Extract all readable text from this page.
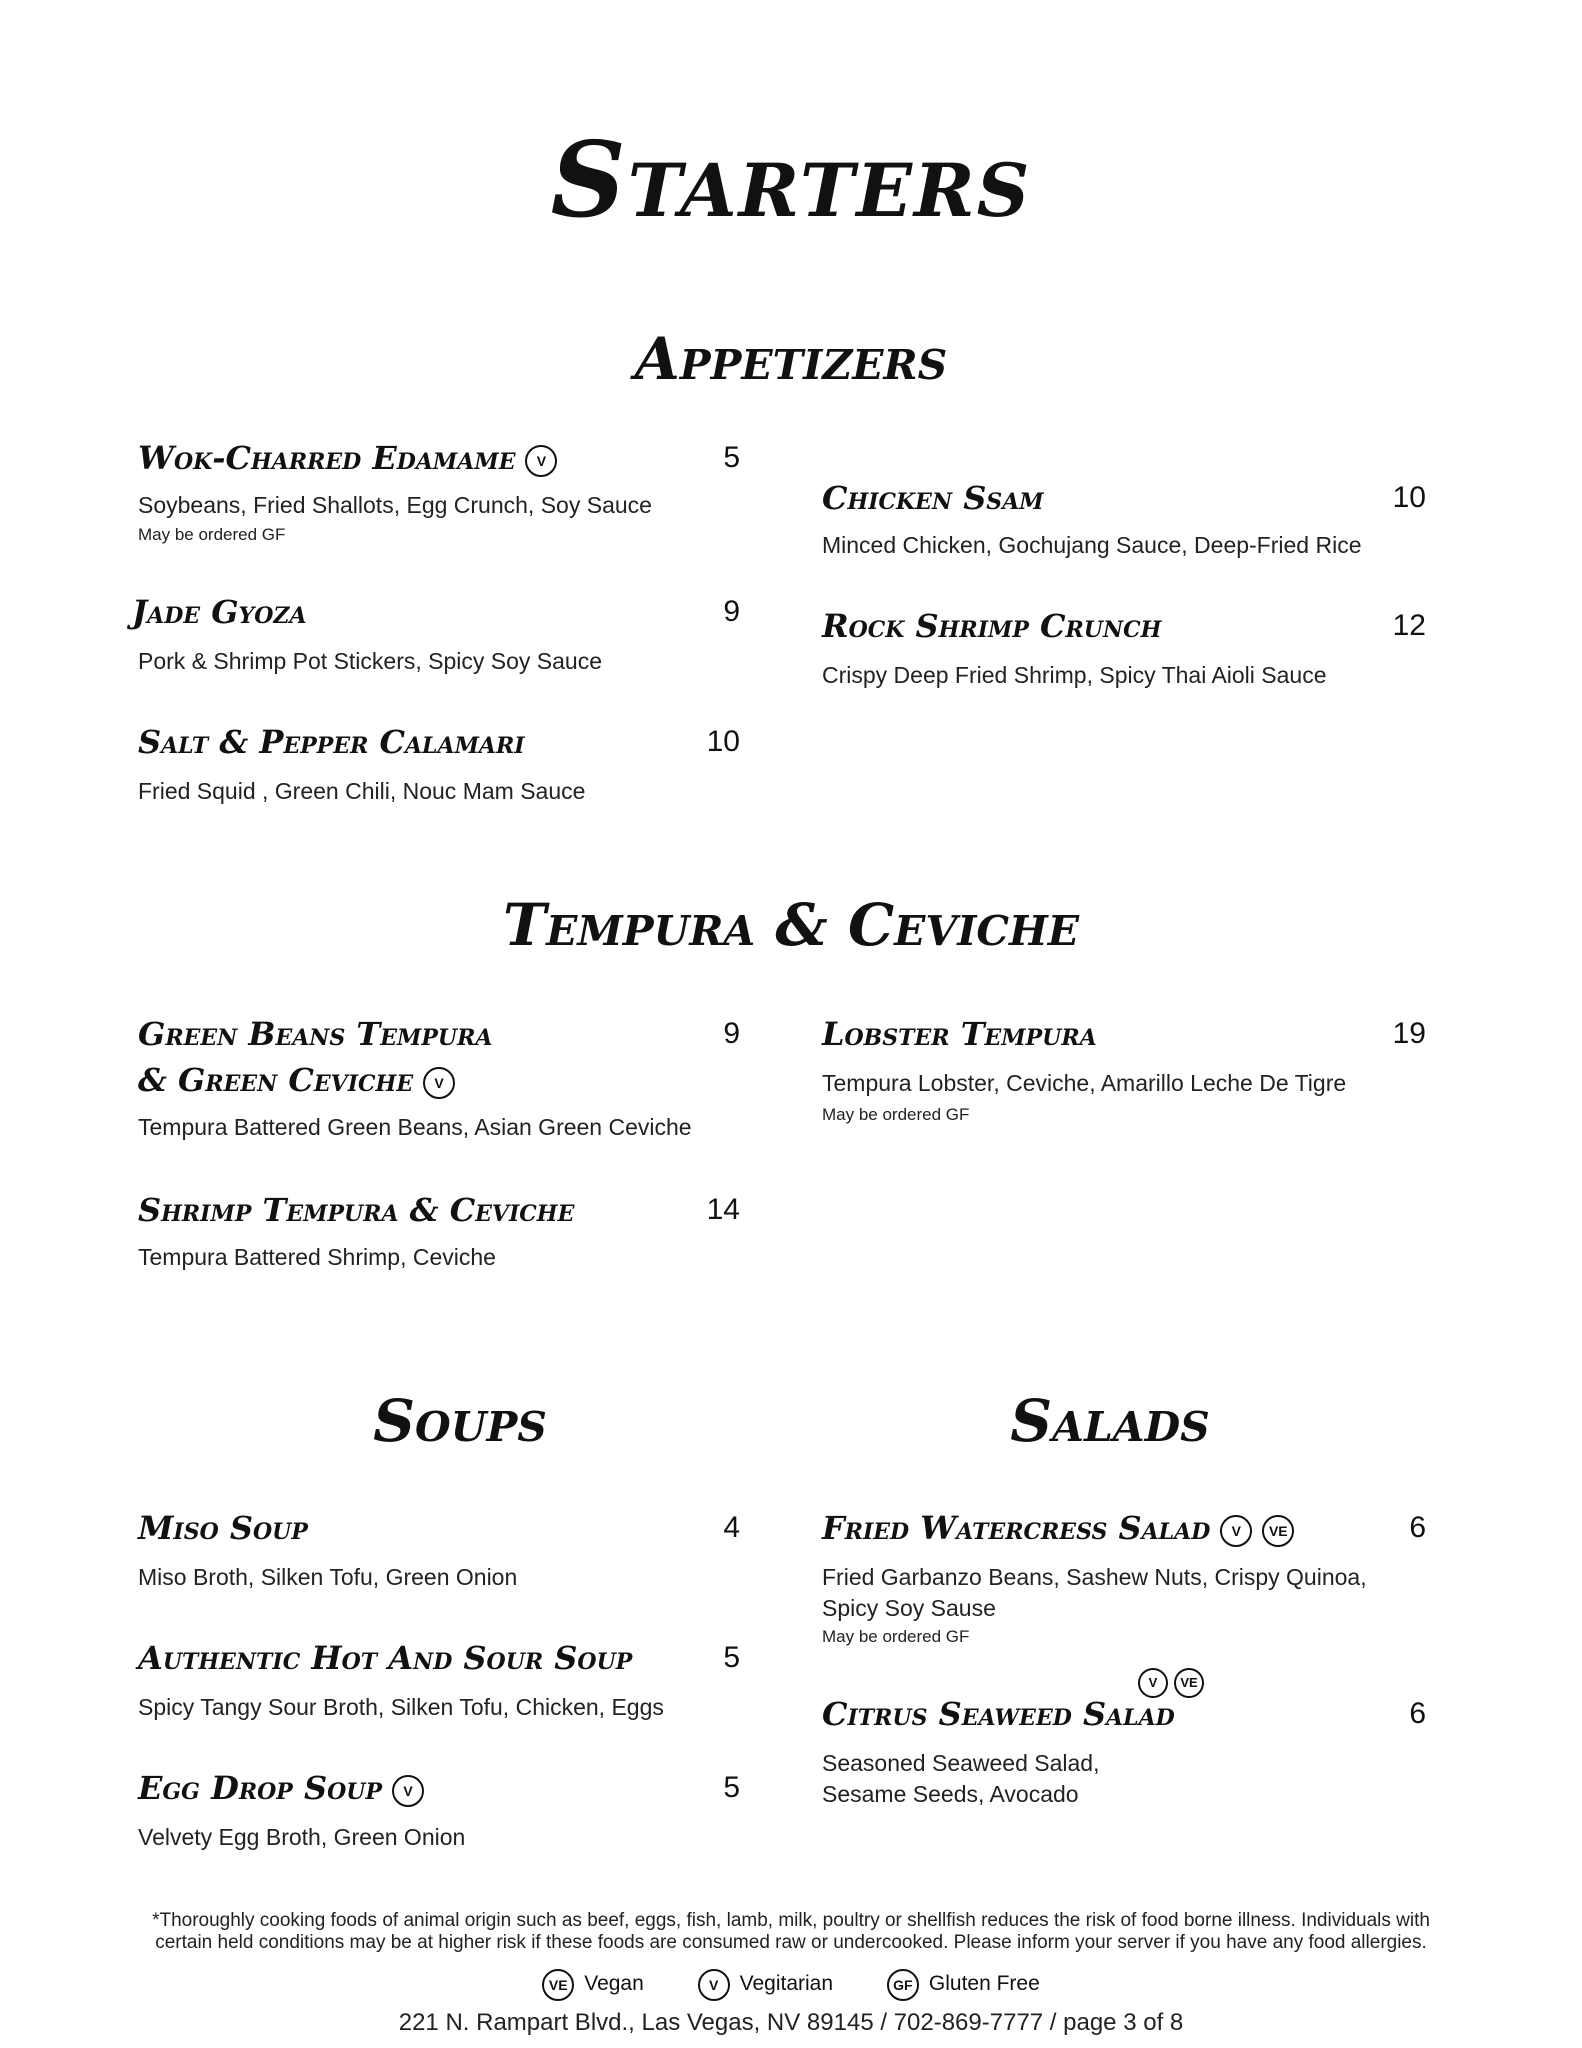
Starters
Appetizers
Wok-Charred Edamame V	5
Soybeans, Fried Shallots, Egg Crunch, Soy Sauce
May be ordered GF
Jade Gyoza	9
Pork & Shrimp Pot Stickers, Spicy Soy Sauce
Salt & Pepper Calamari	10
Fried Squid , Green Chili, Nouc Mam Sauce
Chicken Ssam	10
Minced Chicken, Gochujang Sauce, Deep-Fried Rice
Rock Shrimp Crunch	12
Crispy Deep Fried Shrimp, Spicy Thai Aioli Sauce
Tempura & Ceviche
Green Beans Tempura
& Green Ceviche V
9
Tempura Battered Green Beans, Asian Green Ceviche
Shrimp Tempura & Ceviche	14
Tempura Battered Shrimp, Ceviche
Lobster Tempura	19
Tempura Lobster, Ceviche, Amarillo Leche De Tigre
May be ordered GF
Soups
Miso Soup	4
Miso Broth, Silken Tofu, Green Onion
Authentic Hot And Sour Soup	5
Spicy Tangy Sour Broth, Silken Tofu, Chicken, Eggs
Egg Drop Soup V	5
Velvety Egg Broth, Green Onion
Salads
Fried Watercress Salad V VE	6
Fried Garbanzo Beans, Sashew Nuts, Crispy Quinoa,
Spicy Soy Sause
May be ordered GF
V VE
Citrus Seaweed Salad	6
Seasoned Seaweed Salad,
Sesame Seeds, Avocado
*Thoroughly cooking foods of animal origin such as beef, eggs, fish, lamb, milk, poultry or shellfish reduces the risk of food borne illness. Individuals with
certain held conditions may be at higher risk if these foods are consumed raw or undercooked. Please inform your server if you have any food allergies.
VE Vegan	V Vegitarian	GF Gluten Free
221 N. Rampart Blvd., Las Vegas, NV 89145 / 702-869-7777 / page 3 of 8
